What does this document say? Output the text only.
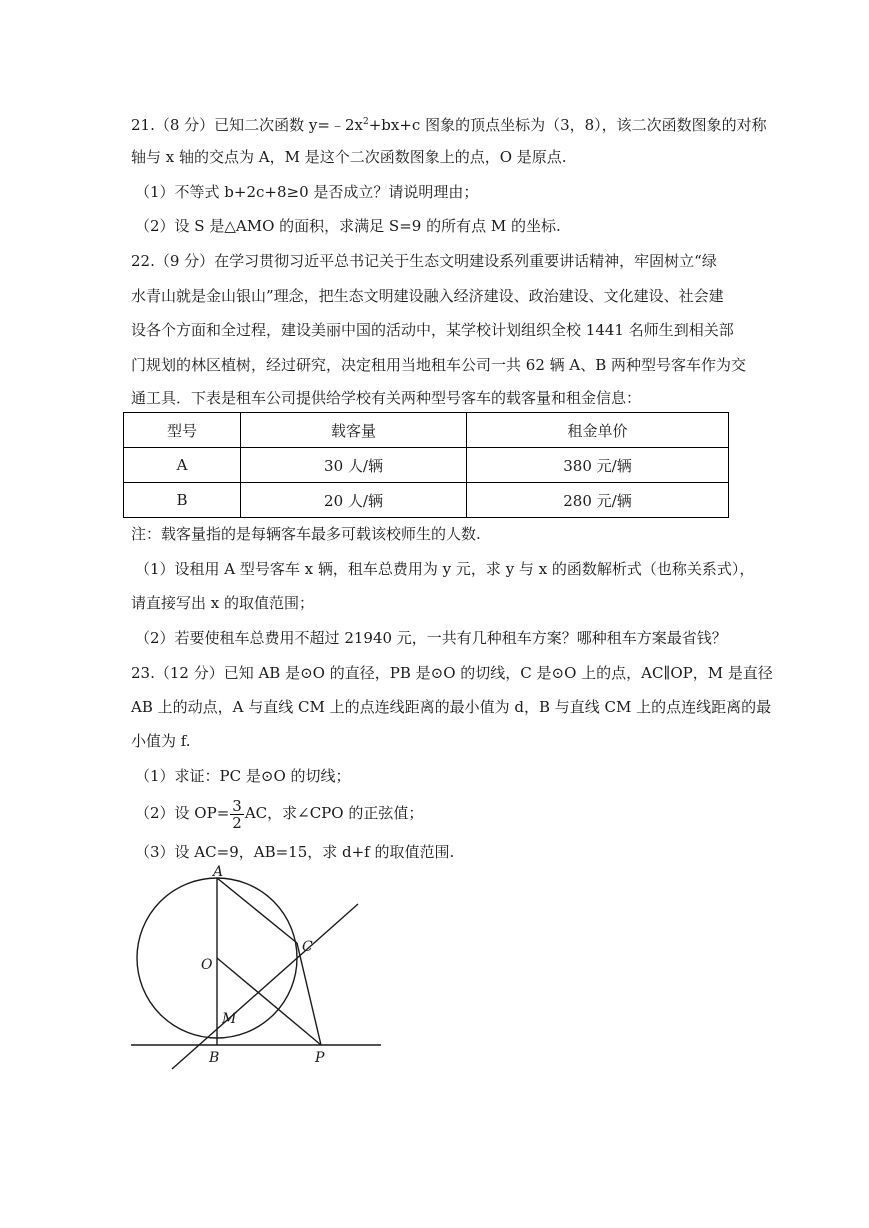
21.（8 分）已知二次函数 $y=﹣2x^2+bx+c$ 图象的顶点坐标为（3，8），该二次函数图象的对称
轴与 x 轴的交点为 A，M 是这个二次函数图象上的点，O 是原点.
（1）不等式 b+2c+8≥0 是否成立？请说明理由；
（2）设 S 是△AMO 的面积，求满足 S=9 的所有点 M 的坐标.
22.（9 分）在学习贯彻习近平总书记关于生态文明建设系列重要讲话精神，牢固树立“绿
水青山就是金山银山”理念，把生态文明建设融入经济建设、政治建设、文化建设、社会建
设各个方面和全过程，建设美丽中国的活动中，某学校计划组织全校 1441 名师生到相关部
门规划的林区植树，经过研究，决定租用当地租车公司一共 62 辆 A、B 两种型号客车作为交
通工具．下表是租车公司提供给学校有关两种型号客车的载客量和租金信息：
型号	载客量	租金单价
A	30 人/辆	380 元/辆
B	20 人/辆	280 元/辆
注：载客量指的是每辆客车最多可载该校师生的人数.
（1）设租用 A 型号客车 x 辆，租车总费用为 y 元，求 y 与 x 的函数解析式（也称关系式），
请直接写出 x 的取值范围；
（2）若要使租车总费用不超过 21940 元，一共有几种租车方案？哪种租车方案最省钱？
23.（12 分）已知 AB 是⊙O 的直径，PB 是⊙O 的切线，C 是⊙O 上的点，AC∥OP，M 是直径
AB 上的动点，A 与直线 CM 上的点连线距离的最小值为 d，B 与直线 CM 上的点连线距离的最
小值为 f.
（1）求证：PC 是⊙O 的切线；
（2）设 $OP= \frac{3}{2}$ AC，求∠CPO 的正弦值；
（3）设 AC=9，AB=15，求 d+f 的取值范围.
A
C
O
M
B	P
